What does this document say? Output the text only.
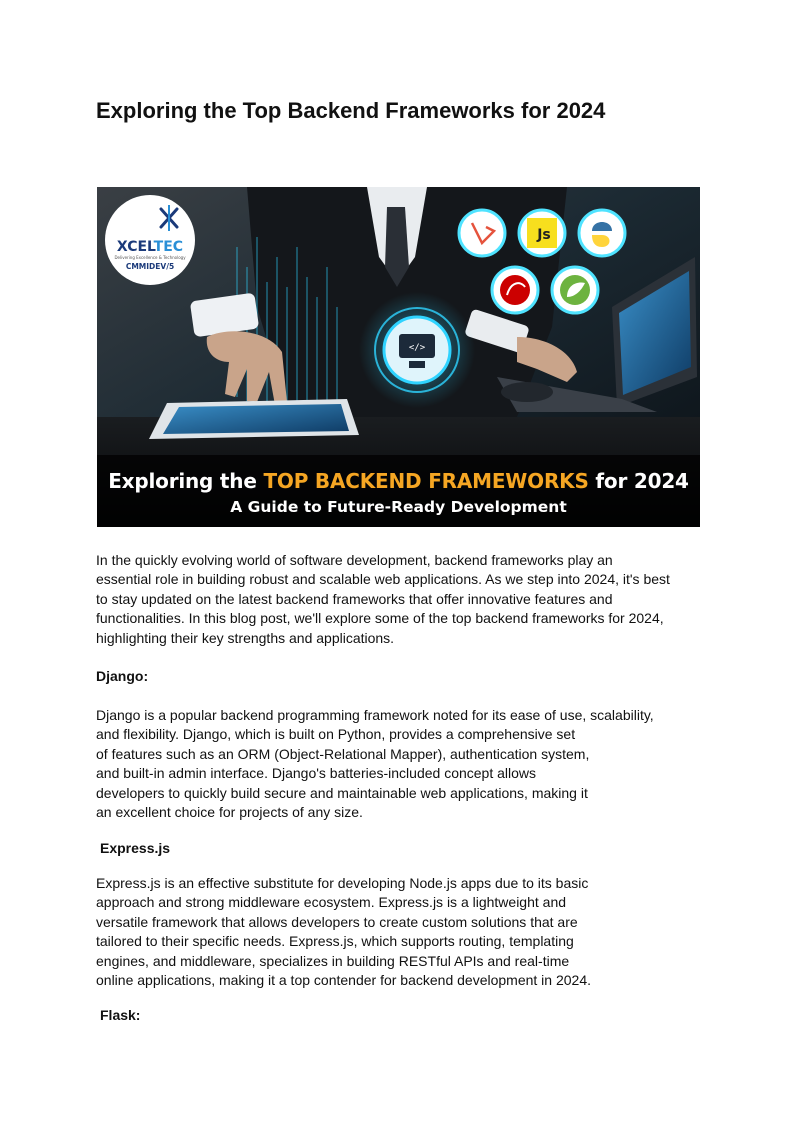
Exploring the Top Backend Frameworks for 2024
</>
XCELTEC
Delivering Excellence & Technology
CMMIDEV/5
Exploring the TOP BACKEND FRAMEWORKS for 2024
A Guide to Future-Ready Development
Js

In the quickly evolving world of software development, backend frameworks play an
essential role in building robust and scalable web applications. As we step into 2024, it's best
to stay updated on the latest backend frameworks that offer innovative features and
functionalities. In this blog post, we'll explore some of the top backend frameworks for 2024,
highlighting their key strengths and applications.

Django:

Django is a popular backend programming framework noted for its ease of use, scalability,
and flexibility. Django, which is built on Python, provides a comprehensive set
of features such as an ORM (Object-Relational Mapper), authentication system,
and built-in admin interface. Django's batteries-included concept allows
developers to quickly build secure and maintainable web applications, making it
an excellent choice for projects of any size.

Express.js

Express.js is an effective substitute for developing Node.js apps due to its basic
approach and strong middleware ecosystem. Express.js is a lightweight and
versatile framework that allows developers to create custom solutions that are
tailored to their specific needs. Express.js, which supports routing, templating
engines, and middleware, specializes in building RESTful APIs and real-time
online applications, making it a top contender for backend development in 2024.

Flask:
